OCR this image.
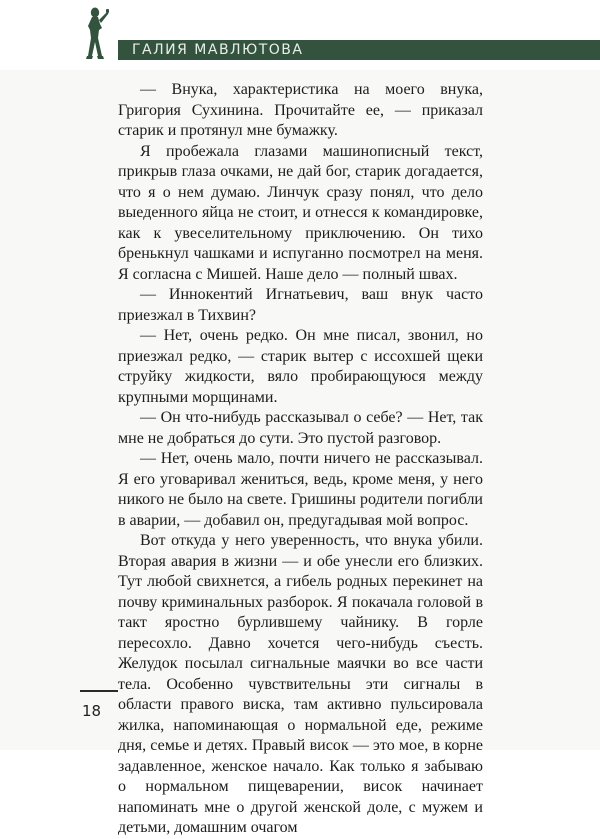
ГАЛИЯ МАВЛЮТОВА

— Внука, характеристика на моего внука, Григория Сухинина. Прочитайте ее, — приказал старик и протянул мне бумажку.

Я пробежала глазами машинописный текст, прикрыв глаза очками, не дай бог, старик догадается, что я о нем думаю. Линчук сразу понял, что дело выеденного яйца не стоит, и отнесся к командировке, как к увеселительному приключению. Он тихо бренькнул чашками и испуганно посмотрел на меня. Я согласна с Мишей. Наше дело — полный швах.

— Иннокентий Игнатьевич, ваш внук часто приезжал в Тихвин?

— Нет, очень редко. Он мне писал, звонил, но приезжал редко, — старик вытер с иссохшей щеки струйку жидкости, вяло пробирающуюся между крупными морщинами.

— Он что-нибудь рассказывал о себе? — Нет, так мне не добраться до сути. Это пустой разговор.

— Нет, очень мало, почти ничего не рассказывал. Я его уговаривал жениться, ведь, кроме меня, у него никого не было на свете. Гришины родители погибли в аварии, — добавил он, предугадывая мой вопрос.

Вот откуда у него уверенность, что внука убили. Вторая авария в жизни — и обе унесли его близких. Тут любой свихнется, а гибель родных перекинет на почву криминальных разборок. Я покачала головой в такт яростно бурлившему чайнику. В горле пересохло. Давно хочется чего-нибудь съесть. Желудок посылал сигнальные маячки во все части тела. Особенно чувствительны эти сигналы в области правого виска, там активно пульсировала жилка, напоминающая о нормальной еде, режиме дня, семье и детях. Правый висок — это мое, в корне задавленное, женское начало. Как только я забываю о нормальном пищеварении, висок начинает напоминать мне о другой женской доле, с мужем и детьми, домашним очагом

18
